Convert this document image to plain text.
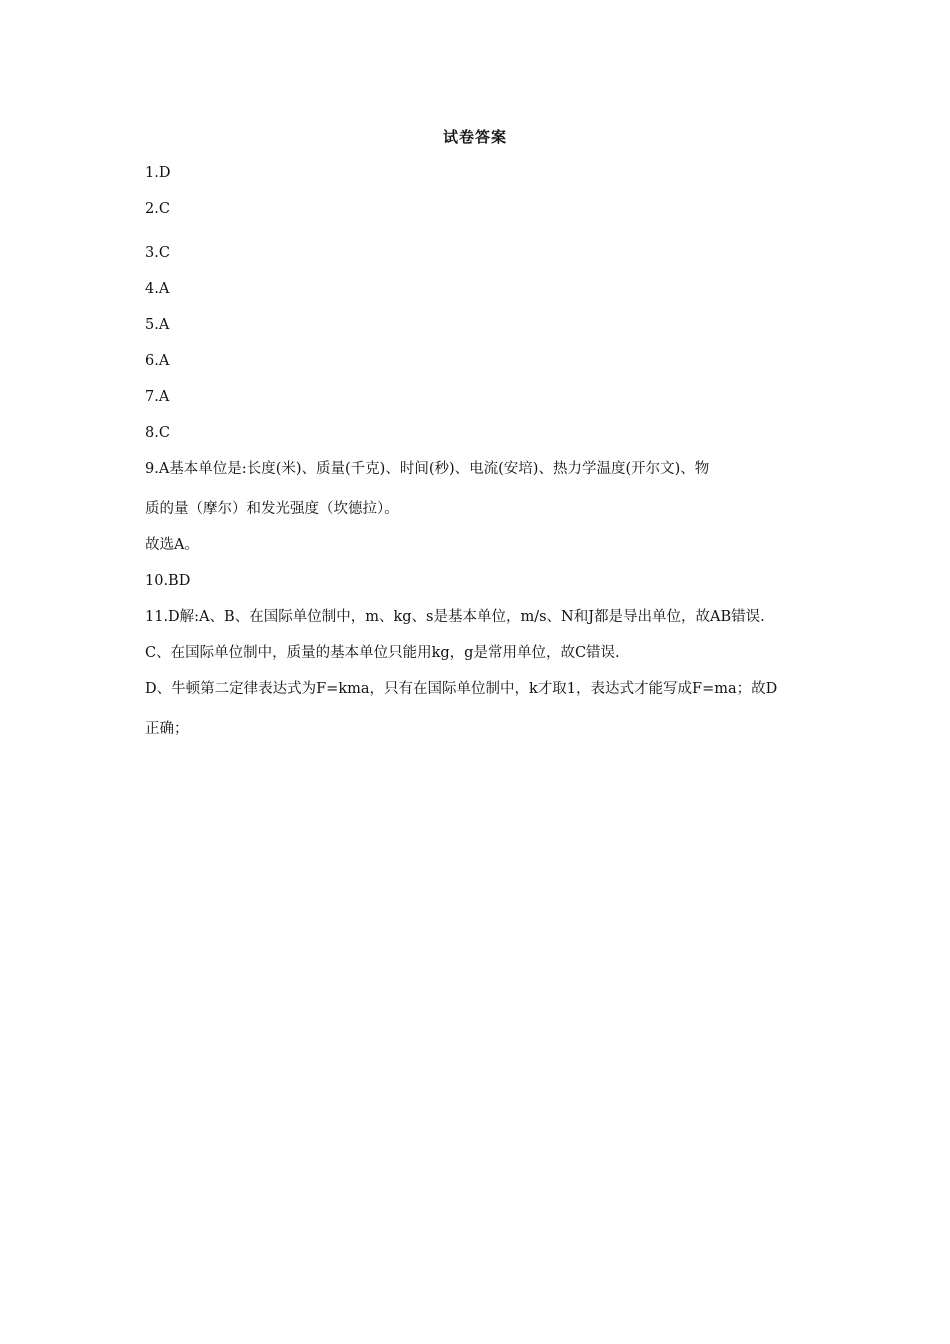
试卷答案
1.D
2.C
3.C
4.A
5.A
6.A
7.A
8.C
9.A基本单位是:长度(米)、质量(千克)、时间(秒)、电流(安培)、热力学温度(开尔文)、物
质的量（摩尔）和发光强度（坎德拉）。
故选A。
10.BD
11.D解:A、B、在国际单位制中，m、kg、s是基本单位，m/s、N和J都是导出单位，故AB错误.
C、在国际单位制中，质量的基本单位只能用kg，g是常用单位，故C错误.
D、牛顿第二定律表达式为F=kma，只有在国际单位制中，k才取1，表达式才能写成F=ma；故D
正确；
